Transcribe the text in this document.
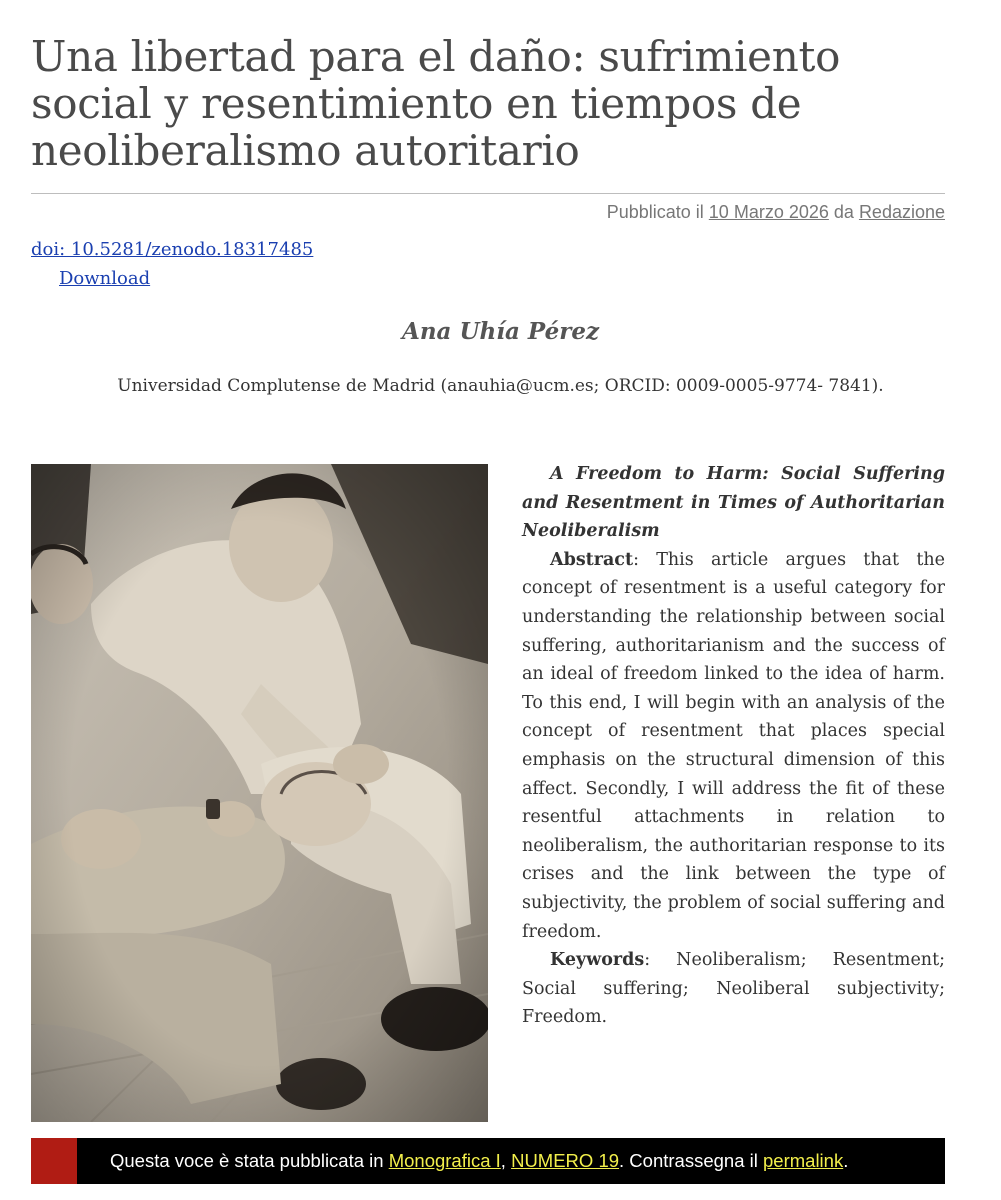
Una libertad para el daño: sufrimiento social y resentimiento en tiempos de neoliberalismo autoritario
Pubblicato il 10 Marzo 2026 da Redazione
doi: 10.5281/zenodo.18317485
Download
Ana Uhía Pérez
Universidad Complutense de Madrid (anauhia@ucm.es; ORCID: 0009-0005-9774- 7841).

A Freedom to Harm: Social Suffering and Resentment in Times of Authoritarian Neoliberalism

Abstract: This article argues that the concept of resentment is a useful category for understanding the relationship between social suffering, authoritarianism and the success of an ideal of freedom linked to the idea of harm. To this end, I will begin with an analysis of the concept of resentment that places special emphasis on the structural dimension of this affect. Secondly, I will address the fit of these resentful attachments in relation to neoliberalism, the authoritarian response to its crises and the link between the type of subjectivity, the problem of social suffering and freedom.

Keywords: Neoliberalism; Resentment; Social suffering; Neoliberal subjectivity; Freedom.

Questa voce è stata pubblicata in Monografica I, NUMERO 19. Contrassegna il permalink.
